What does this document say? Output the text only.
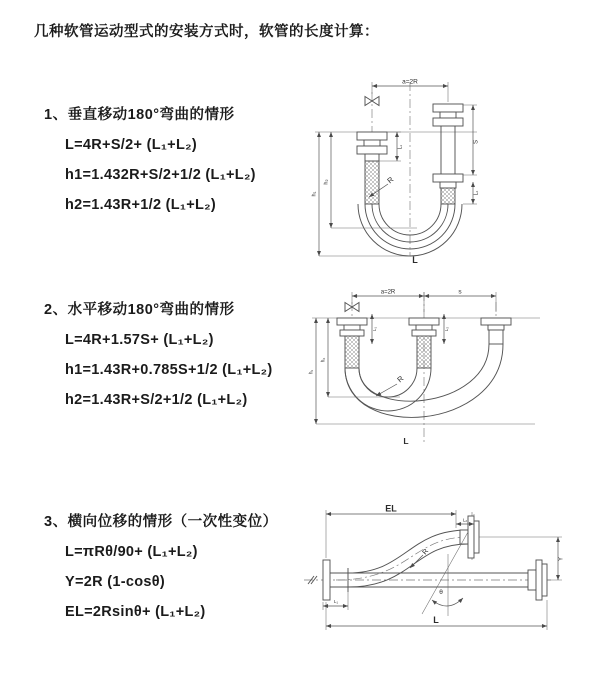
几种软管运动型式的安装方式时，软管的长度计算：
1、垂直移动180°弯曲的情形

L=4R+S/2+ (L₁+L₂)

h1=1.432R+S/2+1/2 (L₁+L₂)

h2=1.43R+1/2 (L₁+L₂)

a=2R
R
S
L₂
L₁
h₂
h₁
L
2、水平移动180°弯曲的情形

L=4R+1.57S+ (L₁+L₂)

h1=1.43R+0.785S+1/2 (L₁+L₂)

h2=1.43R+S/2+1/2 (L₁+L₂)

a=2R	s
R
L₁	L₂
h₂
h₁
L
3、横向位移的情形（一次性变位）

L=πRθ/90+ (L₁+L₂)

Y=2R (1-cosθ)

EL=2Rsinθ+ (L₁+L₂)

EL
L₂
Y
θ
R
L₁
L
